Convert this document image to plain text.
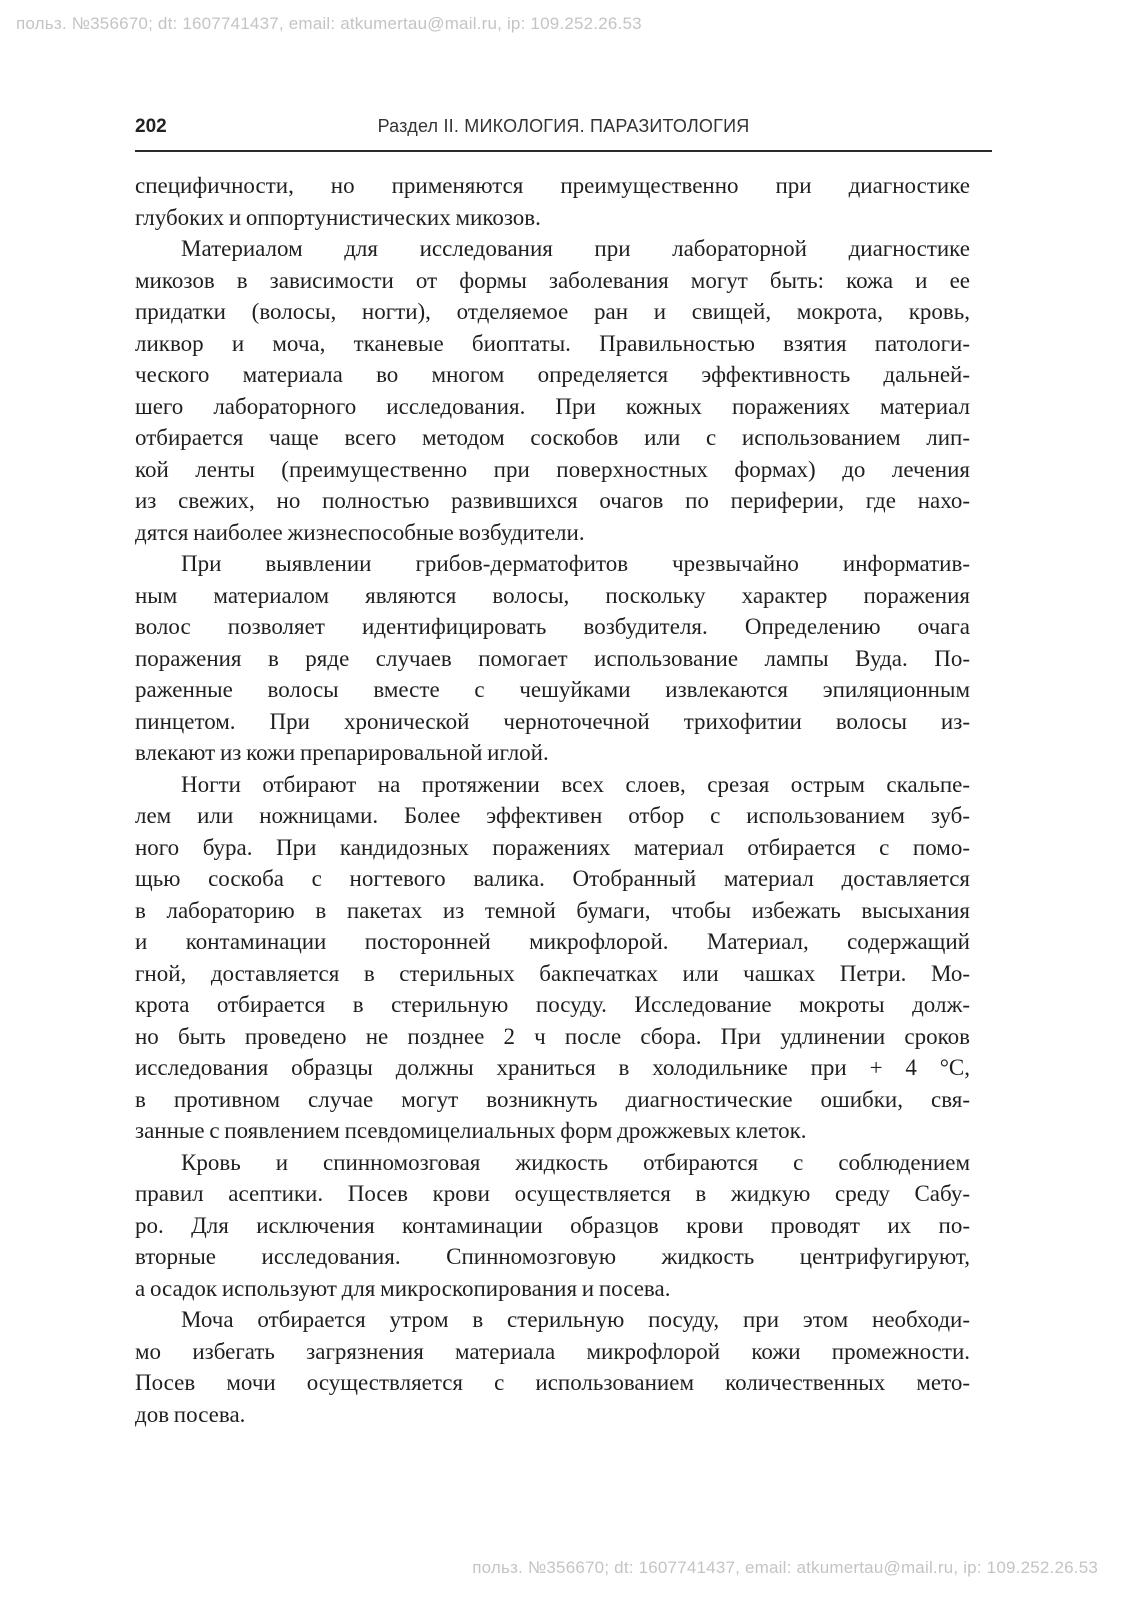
польз. №356670; dt: 1607741437, email: atkumertau@mail.ru, ip: 109.252.26.53
202	Раздел II. МИКОЛОГИЯ. ПАРАЗИТОЛОГИЯ
специфичности, но применяются преимущественно при диагностике
глубоких и оппортунистических микозов.
Материалом для исследования при лабораторной диагностике
микозов в зависимости от формы заболевания могут быть: кожа и ее
придатки (волосы, ногти), отделяемое ран и свищей, мокрота, кровь,
ликвор и моча, тканевые биоптаты. Правильностью взятия патологи-
ческого материала во многом определяется эффективность дальней-
шего лабораторного исследования. При кожных поражениях материал
отбирается чаще всего методом соскобов или с использованием лип-
кой ленты (преимущественно при поверхностных формах) до лечения
из свежих, но полностью развившихся очагов по периферии, где нахо-
дятся наиболее жизнеспособные возбудители.
При выявлении грибов-дерматофитов чрезвычайно информатив-
ным материалом являются волосы, поскольку характер поражения
волос позволяет идентифицировать возбудителя. Определению очага
поражения в ряде случаев помогает использование лампы Вуда. По-
раженные волосы вместе с чешуйками извлекаются эпиляционным
пинцетом. При хронической черноточечной трихофитии волосы из-
влекают из кожи препарировальной иглой.
Ногти отбирают на протяжении всех слоев, срезая острым скальпе-
лем или ножницами. Более эффективен отбор с использованием зуб-
ного бура. При кандидозных поражениях материал отбирается с помо-
щью соскоба с ногтевого валика. Отобранный материал доставляется
в лабораторию в пакетах из темной бумаги, чтобы избежать высыхания
и контаминации посторонней микрофлорой. Материал, содержащий
гной, доставляется в стерильных бакпечатках или чашках Петри. Мо-
крота отбирается в стерильную посуду. Исследование мокроты долж-
но быть проведено не позднее 2 ч после сбора. При удлинении сроков
исследования образцы должны храниться в холодильнике при + 4 °С,
в противном случае могут возникнуть диагностические ошибки, свя-
занные с появлением псевдомицелиальных форм дрожжевых клеток.
Кровь и спинномозговая жидкость отбираются с соблюдением
правил асептики. Посев крови осуществляется в жидкую среду Сабу-
ро. Для исключения контаминации образцов крови проводят их по-
вторные исследования. Спинномозговую жидкость центрифугируют,
а осадок используют для микроскопирования и посева.
Моча отбирается утром в стерильную посуду, при этом необходи-
мо избегать загрязнения материала микрофлорой кожи промежности.
Посев мочи осуществляется с использованием количественных мето-
дов посева.
польз. №356670; dt: 1607741437, email: atkumertau@mail.ru, ip: 109.252.26.53
